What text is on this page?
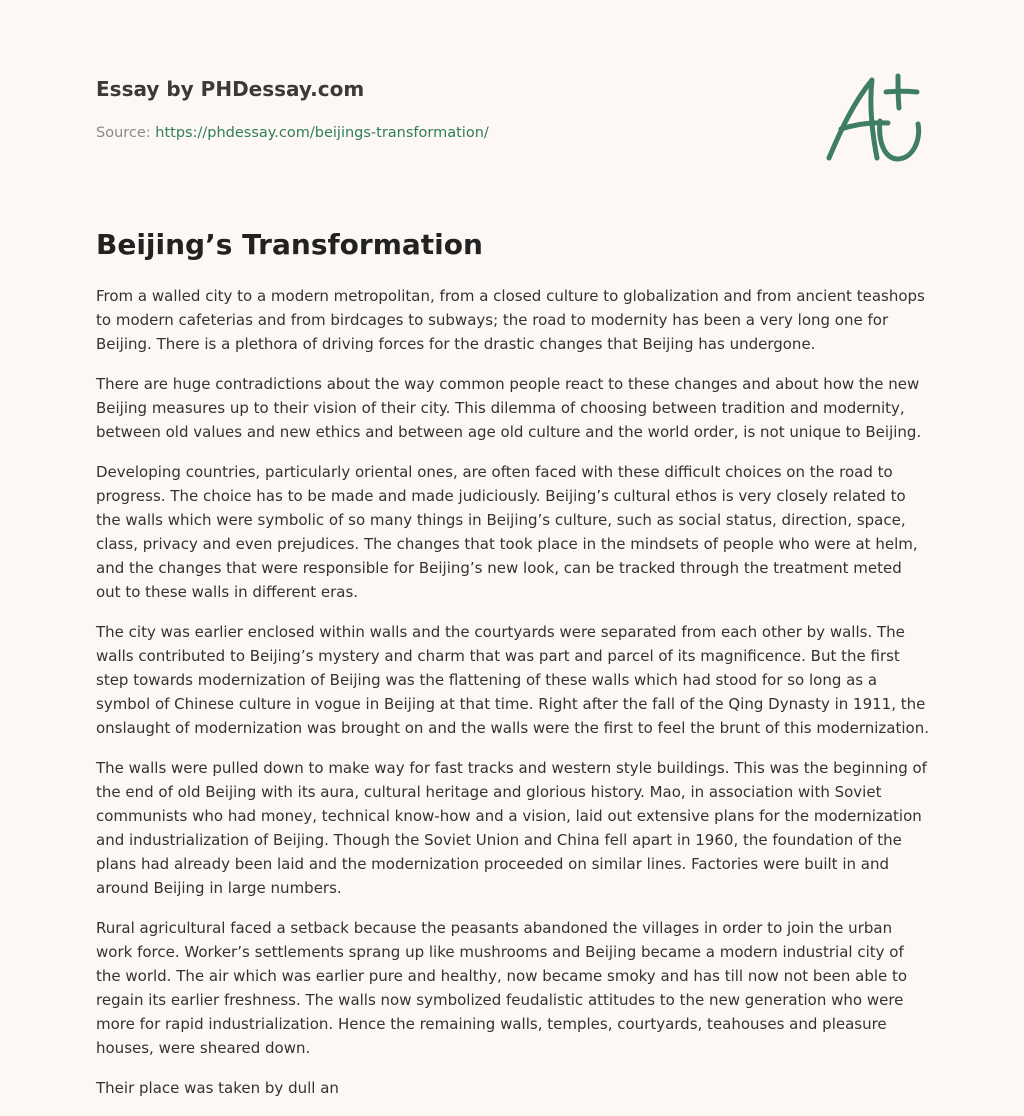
Essay by PHDessay.com
Source: https://phdessay.com/beijings-transformation/
Beijing’s Transformation

From a walled city to a modern metropolitan, from a closed culture to globalization and from ancient teashops to modern cafeterias and from birdcages to subways; the road to modernity has been a very long one for Beijing. There is a plethora of driving forces for the drastic changes that Beijing has undergone.

There are huge contradictions about the way common people react to these changes and about how the new Beijing measures up to their vision of their city. This dilemma of choosing between tradition and modernity, between old values and new ethics and between age old culture and the world order, is not unique to Beijing.

Developing countries, particularly oriental ones, are often faced with these difficult choices on the road to progress. The choice has to be made and made judiciously. Beijing’s cultural ethos is very closely related to the walls which were symbolic of so many things in Beijing’s culture, such as social status, direction, space, class, privacy and even prejudices. The changes that took place in the mindsets of people who were at helm, and the changes that were responsible for Beijing’s new look, can be tracked through the treatment meted out to these walls in different eras.

The city was earlier enclosed within walls and the courtyards were separated from each other by walls. The walls contributed to Beijing’s mystery and charm that was part and parcel of its magnificence. But the first step towards modernization of Beijing was the flattening of these walls which had stood for so long as a symbol of Chinese culture in vogue in Beijing at that time. Right after the fall of the Qing Dynasty in 1911, the onslaught of modernization was brought on and the walls were the first to feel the brunt of this modernization.

The walls were pulled down to make way for fast tracks and western style buildings. This was the beginning of the end of old Beijing with its aura, cultural heritage and glorious history. Mao, in association with Soviet communists who had money, technical know-how and a vision, laid out extensive plans for the modernization and industrialization of Beijing. Though the Soviet Union and China fell apart in 1960, the foundation of the plans had already been laid and the modernization proceeded on similar lines. Factories were built in and around Beijing in large numbers.

Rural agricultural faced a setback because the peasants abandoned the villages in order to join the urban work force. Worker’s settlements sprang up like mushrooms and Beijing became a modern industrial city of the world. The air which was earlier pure and healthy, now became smoky and has till now not been able to regain its earlier freshness. The walls now symbolized feudalistic attitudes to the new generation who were more for rapid industrialization. Hence the remaining walls, temples, courtyards, teahouses and pleasure houses, were sheared down.

Their place was taken by dull an
